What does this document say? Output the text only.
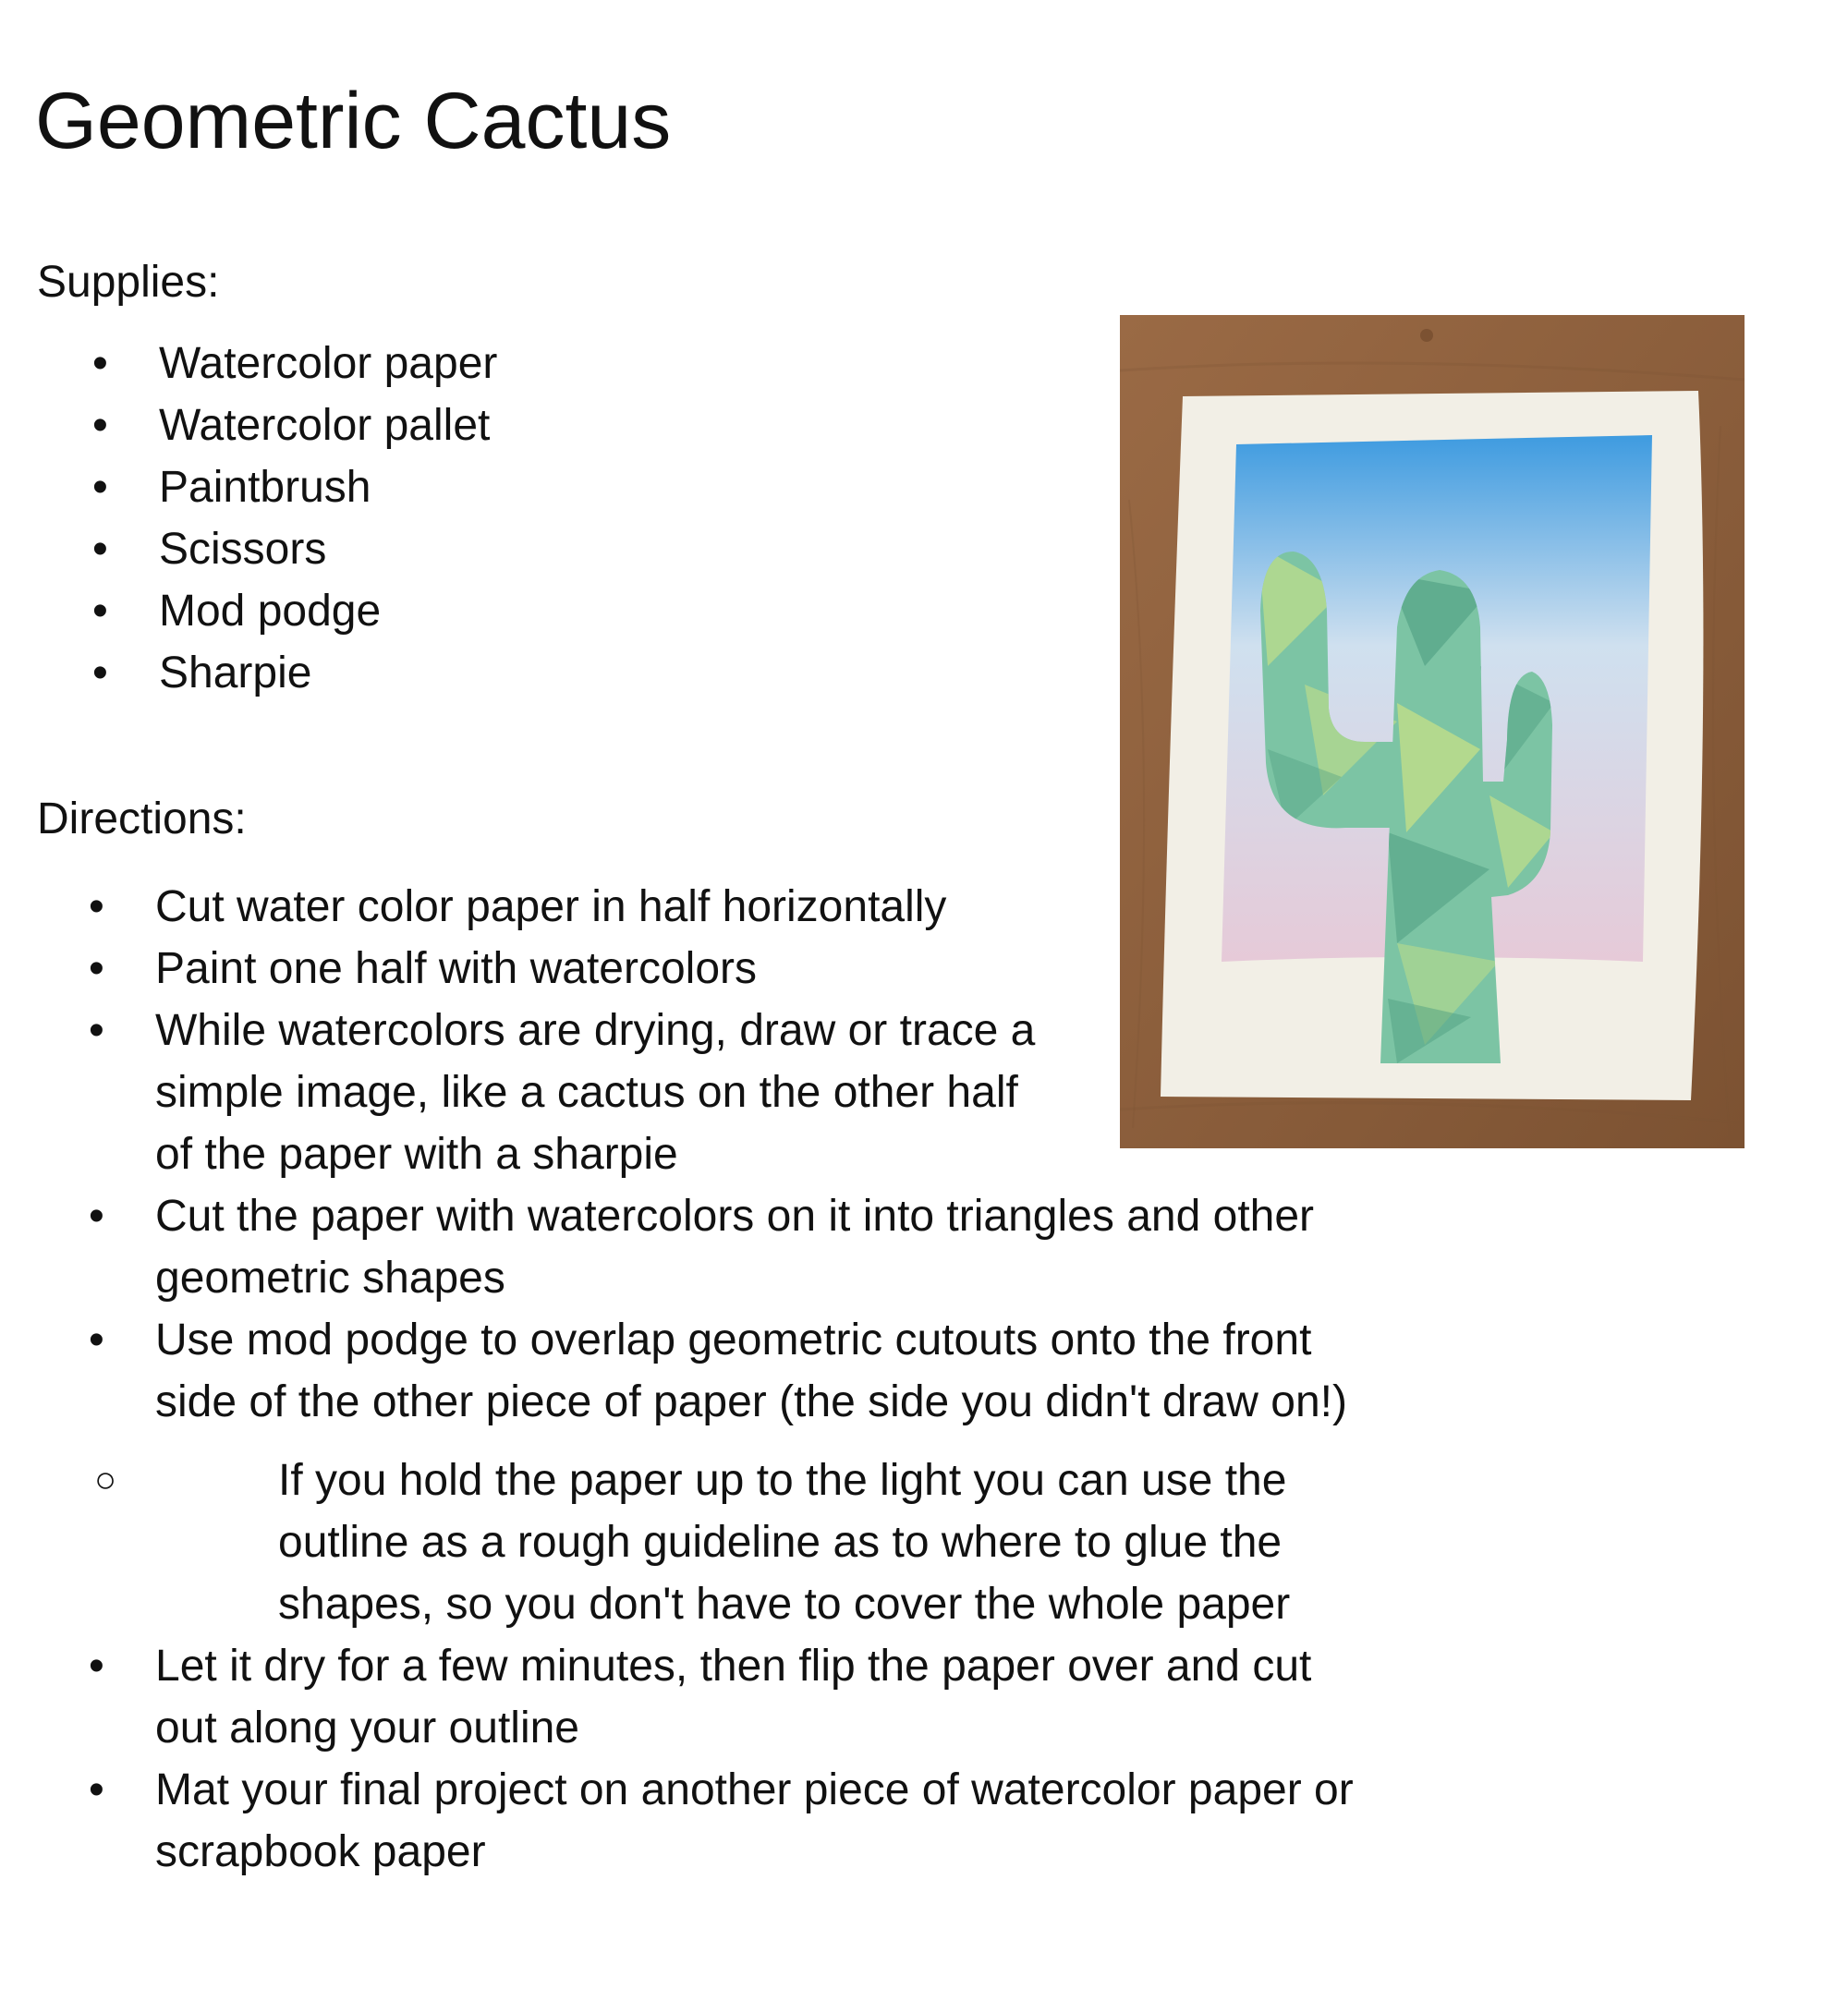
Geometric Cactus
Supplies:
• Watercolor paper
• Watercolor pallet
• Paintbrush
• Scissors
• Mod podge
• Sharpie
Directions:
• Cut water color paper in half horizontally
• Paint one half with watercolors
• While watercolors are drying, draw or trace a
simple image, like a cactus on the other half
of the paper with a sharpie
• Cut the paper with watercolors on it into triangles and other
geometric shapes
• Use mod podge to overlap geometric cutouts onto the front
side of the other piece of paper (the side you didn't draw on!)
○	If you hold the paper up to the light you can use the
outline as a rough guideline as to where to glue the
shapes, so you don't have to cover the whole paper
• Let it dry for a few minutes, then flip the paper over and cut
out along your outline
• Mat your final project on another piece of watercolor paper or
scrapbook paper
